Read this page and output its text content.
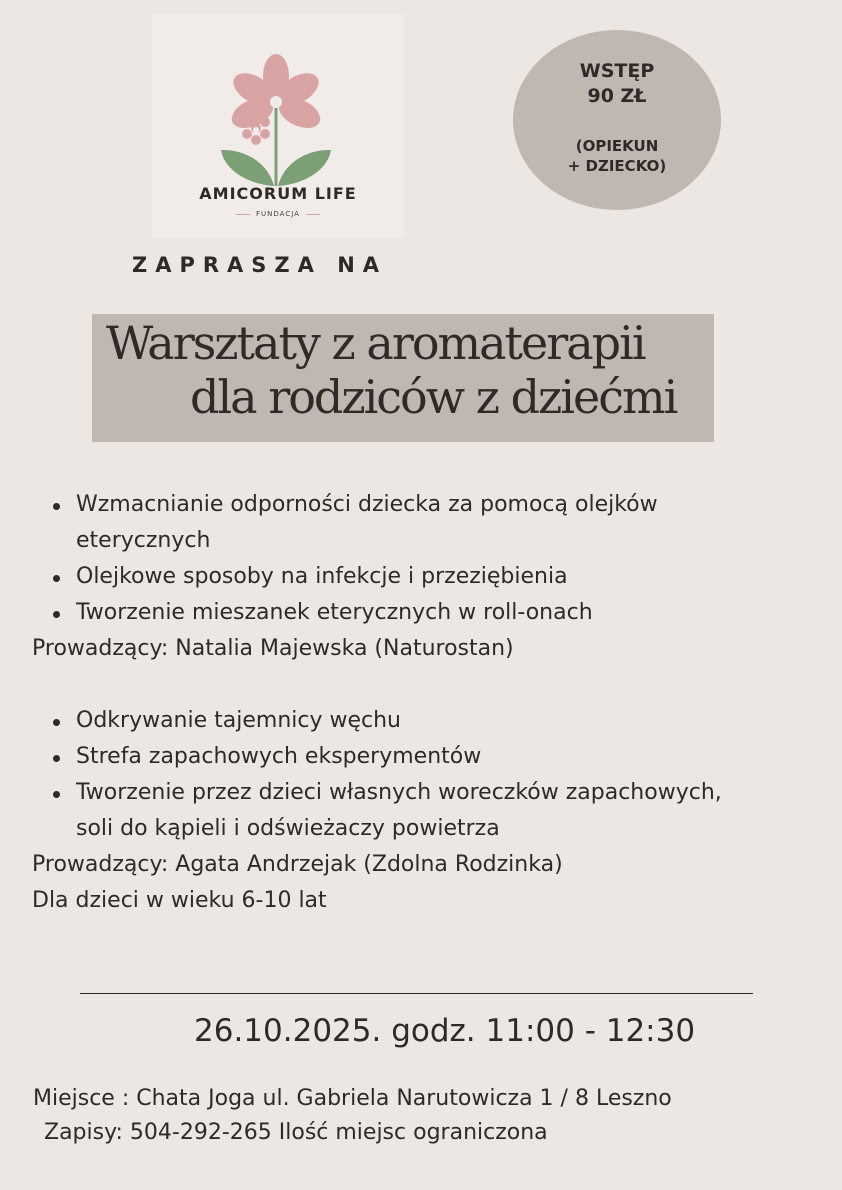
AMICORUM LIFE
FUNDACJA
WSTĘP
90 ZŁ
(OPIEKUN
+ DZIECKO)
ZAPRASZA NA
Warsztaty z aromaterapii
dla rodziców z dziećmi
Wzmacnianie odporności dziecka za pomocą olejków
eterycznych
Olejkowe sposoby na infekcje i przeziębienia
Tworzenie mieszanek eterycznych w roll-onach
Prowadzący: Natalia Majewska (Naturostan)
Odkrywanie tajemnicy węchu
Strefa zapachowych eksperymentów
Tworzenie przez dzieci własnych woreczków zapachowych,
soli do kąpieli i odświeżaczy powietrza
Prowadzący: Agata Andrzejak (Zdolna Rodzinka)
Dla dzieci w wieku 6-10 lat
26.10.2025. godz. 11:00 - 12:30
Miejsce : Chata Joga ul. Gabriela Narutowicza 1 / 8 Leszno
Zapisy: 504-292-265 Ilość miejsc ograniczona
